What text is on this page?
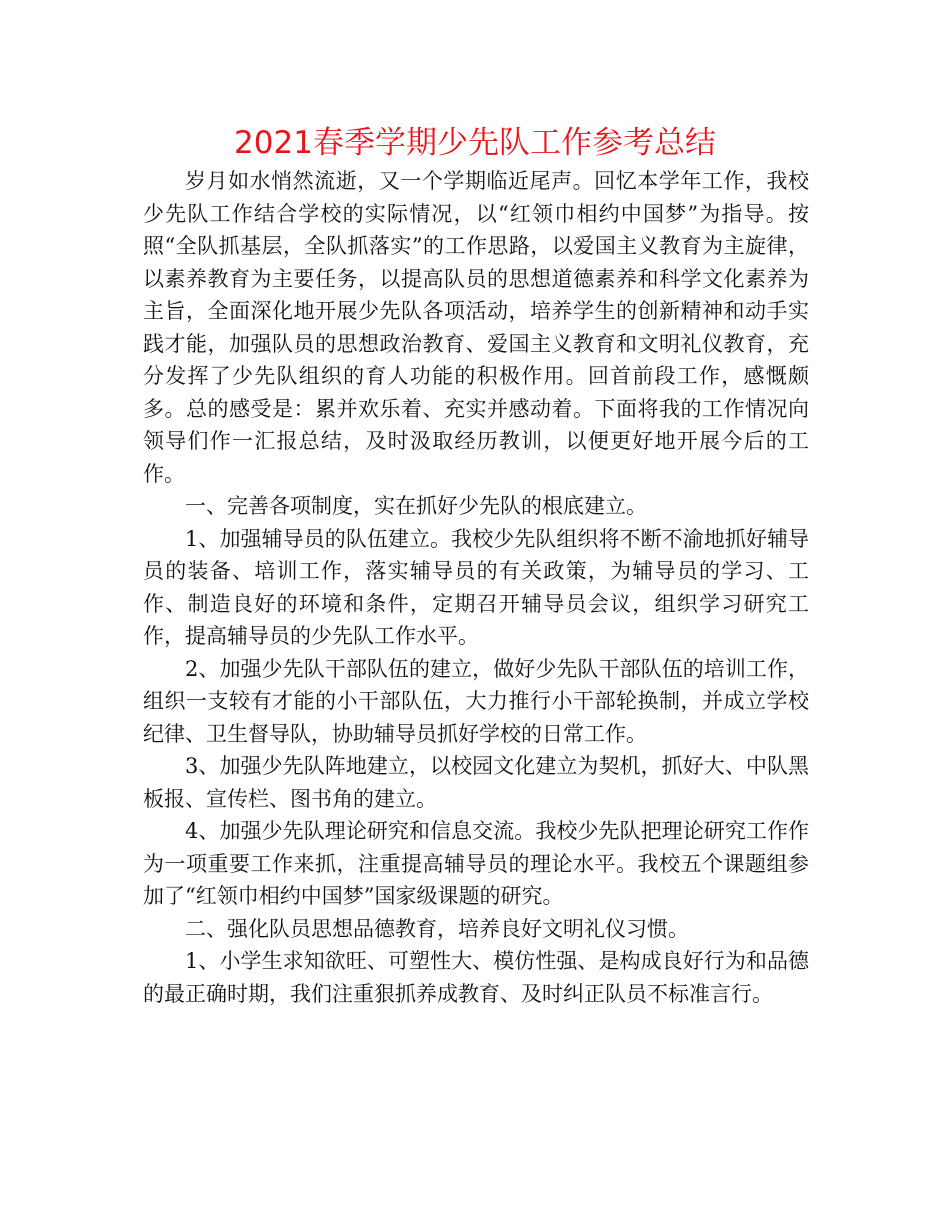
2021春季学期少先队工作参考总结

岁月如水悄然流逝，又一个学期临近尾声。回忆本学年工作，我校少先队工作结合学校的实际情况，以“红领巾相约中国梦”为指导。按照“全队抓基层，全队抓落实”的工作思路，以爱国主义教育为主旋律，以素养教育为主要任务，以提高队员的思想道德素养和科学文化素养为主旨，全面深化地开展少先队各项活动，培养学生的创新精神和动手实践才能，加强队员的思想政治教育、爱国主义教育和文明礼仪教育，充分发挥了少先队组织的育人功能的积极作用。回首前段工作，感慨颇多。总的感受是：累并欢乐着、充实并感动着。下面将我的工作情况向领导们作一汇报总结，及时汲取经历教训，以便更好地开展今后的工作。

一、完善各项制度，实在抓好少先队的根底建立。

1、加强辅导员的队伍建立。我校少先队组织将不断不渝地抓好辅导员的装备、培训工作，落实辅导员的有关政策，为辅导员的学习、工作、制造良好的环境和条件，定期召开辅导员会议，组织学习研究工作，提高辅导员的少先队工作水平。

2、加强少先队干部队伍的建立，做好少先队干部队伍的培训工作，组织一支较有才能的小干部队伍，大力推行小干部轮换制，并成立学校纪律、卫生督导队，协助辅导员抓好学校的日常工作。

3、加强少先队阵地建立，以校园文化建立为契机，抓好大、中队黑板报、宣传栏、图书角的建立。

4、加强少先队理论研究和信息交流。我校少先队把理论研究工作作为一项重要工作来抓，注重提高辅导员的理论水平。我校五个课题组参加了“红领巾相约中国梦”国家级课题的研究。

二、强化队员思想品德教育，培养良好文明礼仪习惯。

1、小学生求知欲旺、可塑性大、模仿性强、是构成良好行为和品德的最正确时期，我们注重狠抓养成教育、及时纠正队员不标准言行。
